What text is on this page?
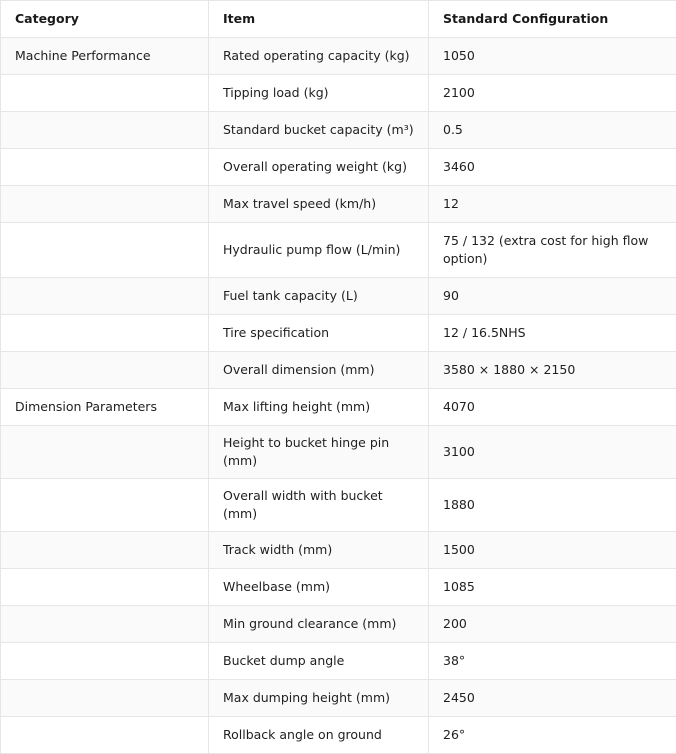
Category	Item	Standard Configuration
Machine Performance	Rated operating capacity (kg)	1050
	Tipping load (kg)	2100
	Standard bucket capacity (m³)	0.5
	Overall operating weight (kg)	3460
	Max travel speed (km/h)	12
	Hydraulic pump flow (L/min)	75 / 132 (extra cost for high flow option)
	Fuel tank capacity (L)	90
	Tire specification	12 / 16.5NHS
	Overall dimension (mm)	3580 × 1880 × 2150
Dimension Parameters	Max lifting height (mm)	4070
	Height to bucket hinge pin (mm)	3100
	Overall width with bucket (mm)	1880
	Track width (mm)	1500
	Wheelbase (mm)	1085
	Min ground clearance (mm)	200
	Bucket dump angle	38°
	Max dumping height (mm)	2450
	Rollback angle on ground	26°
